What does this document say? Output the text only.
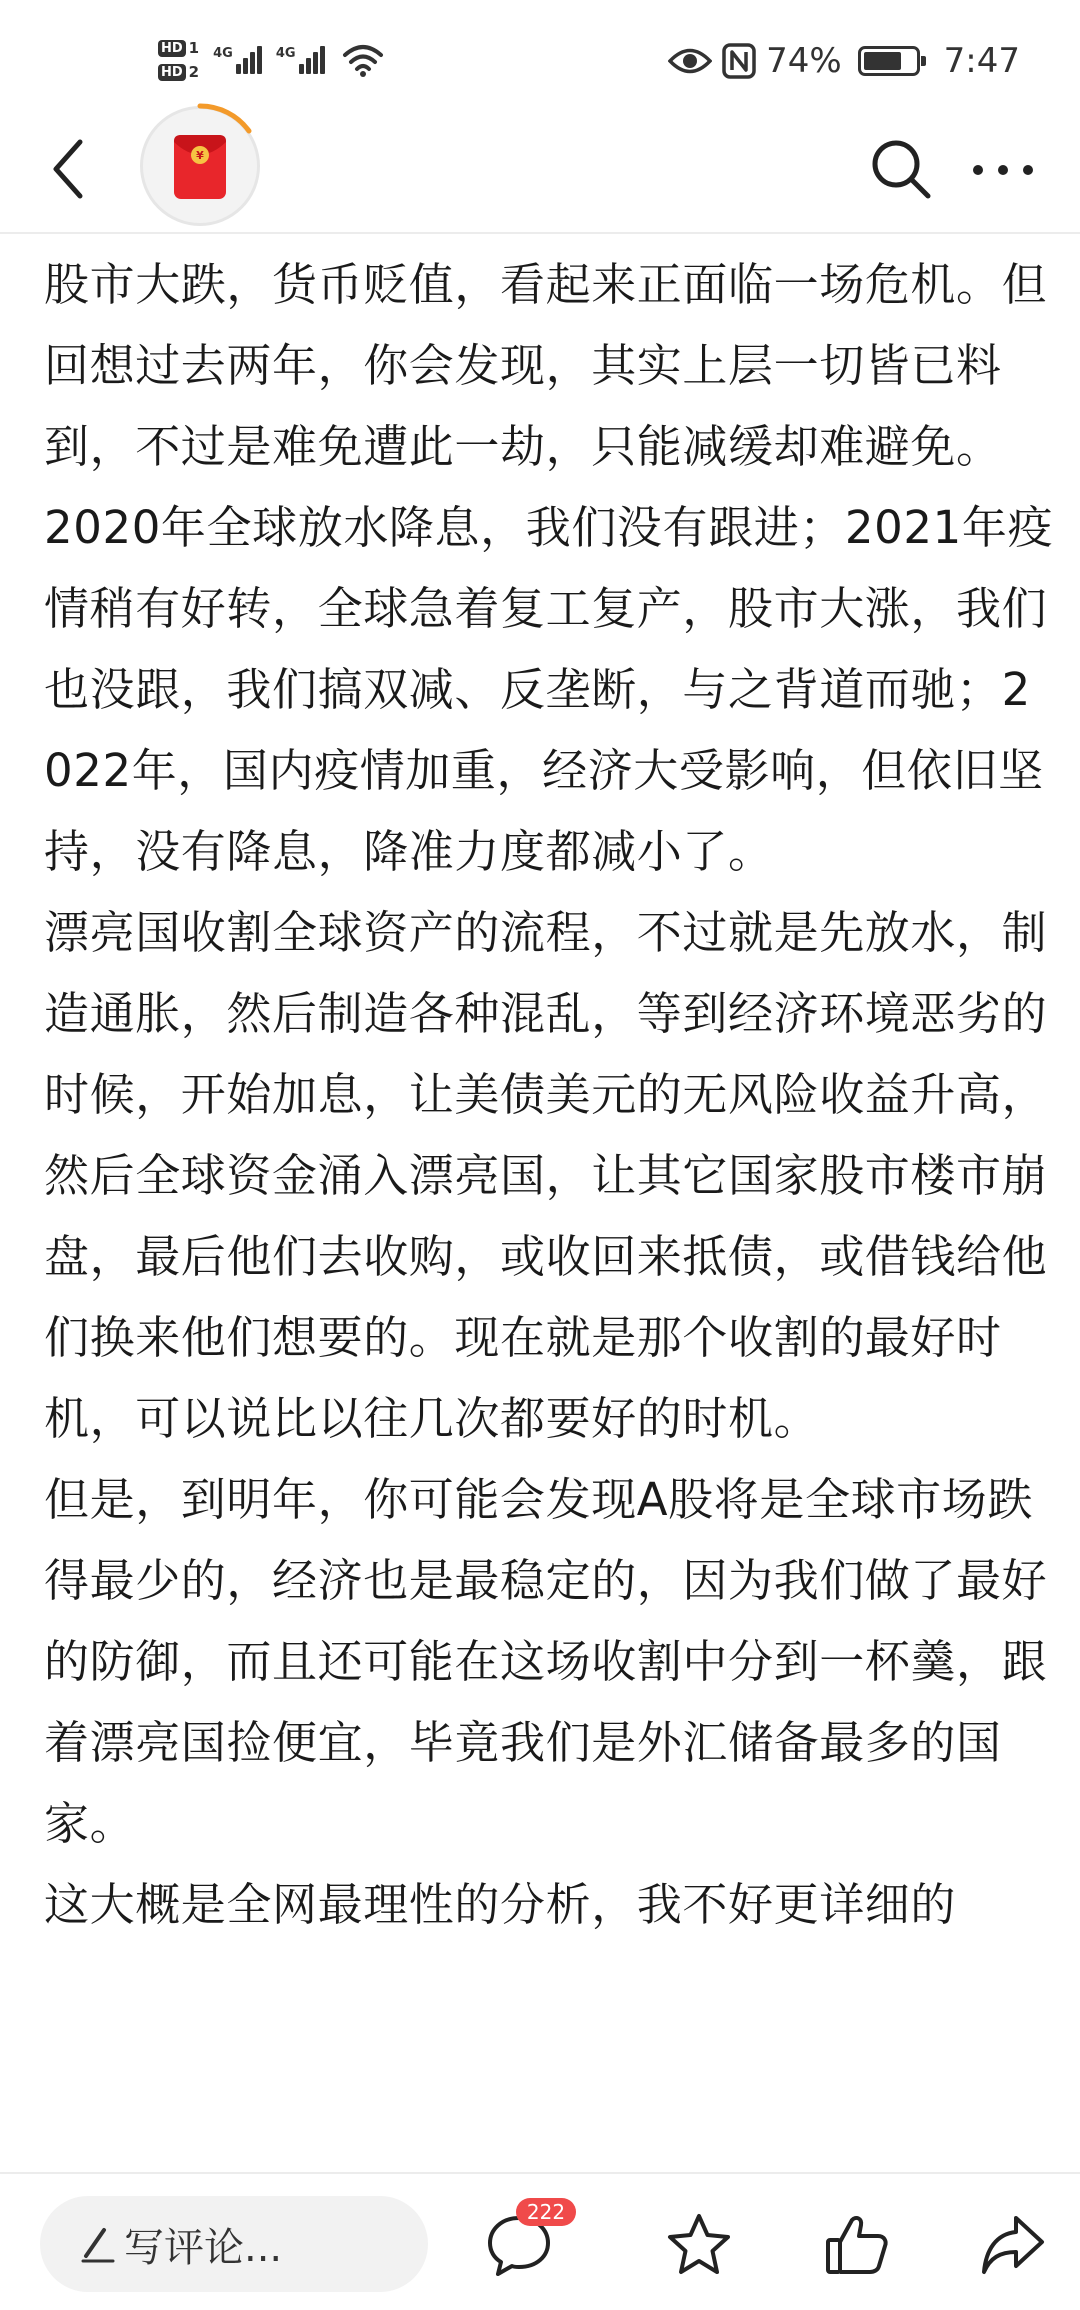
HD 1
HD 2
4G	4G	74%	7:47
¥

股市大跌，货币贬值，看起来正面临一场危机。但回想过去两年，你会发现，其实上层一切皆已料到，不过是难免遭此一劫，只能减缓却难避免。

2020年全球放水降息，我们没有跟进；2021年疫情稍有好转，全球急着复工复产，股市大涨，我们也没跟，我们搞双减、反垄断，与之背道而驰；2022年，国内疫情加重，经济大受影响，但依旧坚持，没有降息，降准力度都减小了。

漂亮国收割全球资产的流程，不过就是先放水，制造通胀，然后制造各种混乱，等到经济环境恶劣的时候，开始加息，让美债美元的无风险收益升高，然后全球资金涌入漂亮国，让其它国家股市楼市崩盘，最后他们去收购，或收回来抵债，或借钱给他们换来他们想要的。现在就是那个收割的最好时机，可以说比以往几次都要好的时机。

但是，到明年，你可能会发现A股将是全球市场跌得最少的，经济也是最稳定的，因为我们做了最好的防御，而且还可能在这场收割中分到一杯羹，跟着漂亮国捡便宜，毕竟我们是外汇储备最多的国家。

这大概是全网最理性的分析，我不好更详细的

写评论...
222
